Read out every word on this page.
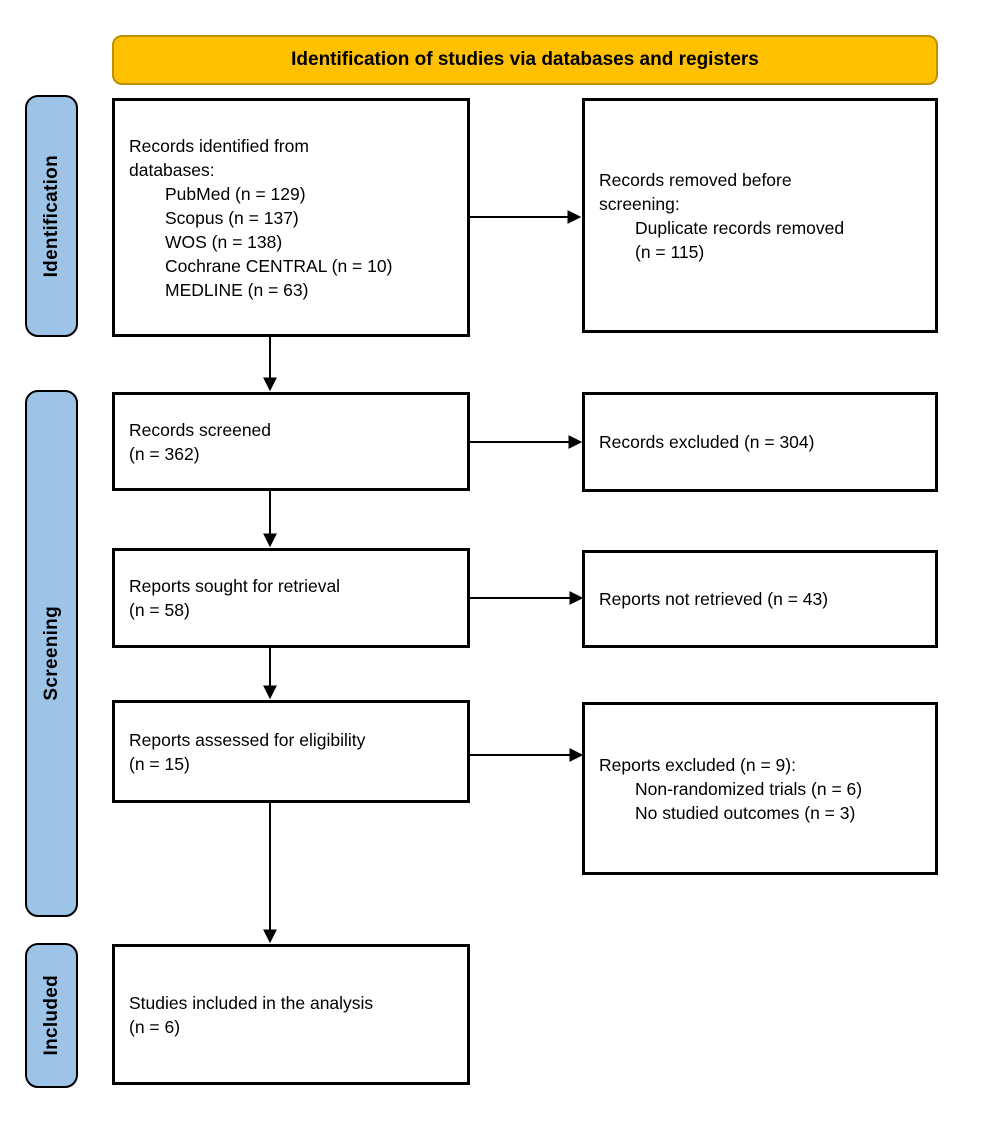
Identification of studies via databases and registers
Identification
Screening
Included
Records identified from
databases:
PubMed (n = 129)
Scopus (n = 137)
WOS (n = 138)
Cochrane CENTRAL (n = 10)
MEDLINE (n = 63)
Records screened
(n = 362)
Reports sought for retrieval
(n = 58)
Reports assessed for eligibility
(n = 15)
Studies included in the analysis
(n = 6)
Records removed before
screening:
Duplicate records removed
(n = 115)
Records excluded (n = 304)
Reports not retrieved (n = 43)
Reports excluded (n = 9):
Non-randomized trials (n = 6)
No studied outcomes (n = 3)
